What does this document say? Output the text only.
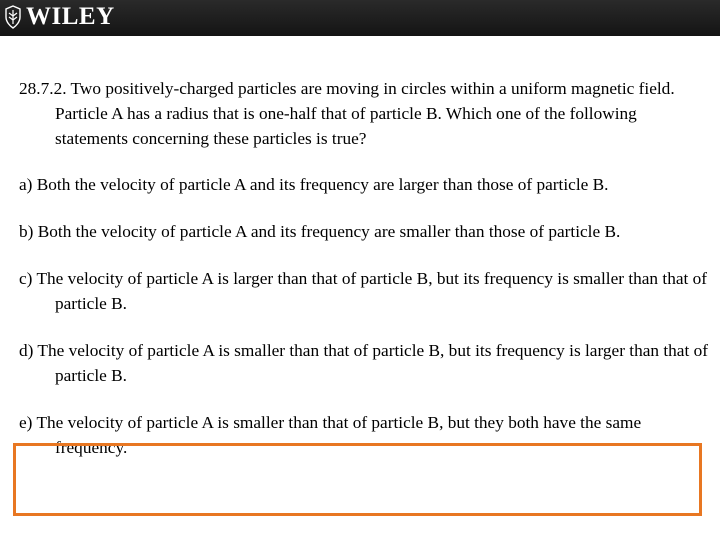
WILEY

28.7.2. Two positively-charged particles are moving in circles within a uniform magnetic field. Particle A has a radius that is one-half that of particle B. Which one of the following statements concerning these particles is true?

a) Both the velocity of particle A and its frequency are larger than those of particle B.

b) Both the velocity of particle A and its frequency are smaller than those of particle B.

c) The velocity of particle A is larger than that of particle B, but its frequency is smaller than that of particle B.

d) The velocity of particle A is smaller than that of particle B, but its frequency is larger than that of particle B.

e) The velocity of particle A is smaller than that of particle B, but they both have the same frequency.
